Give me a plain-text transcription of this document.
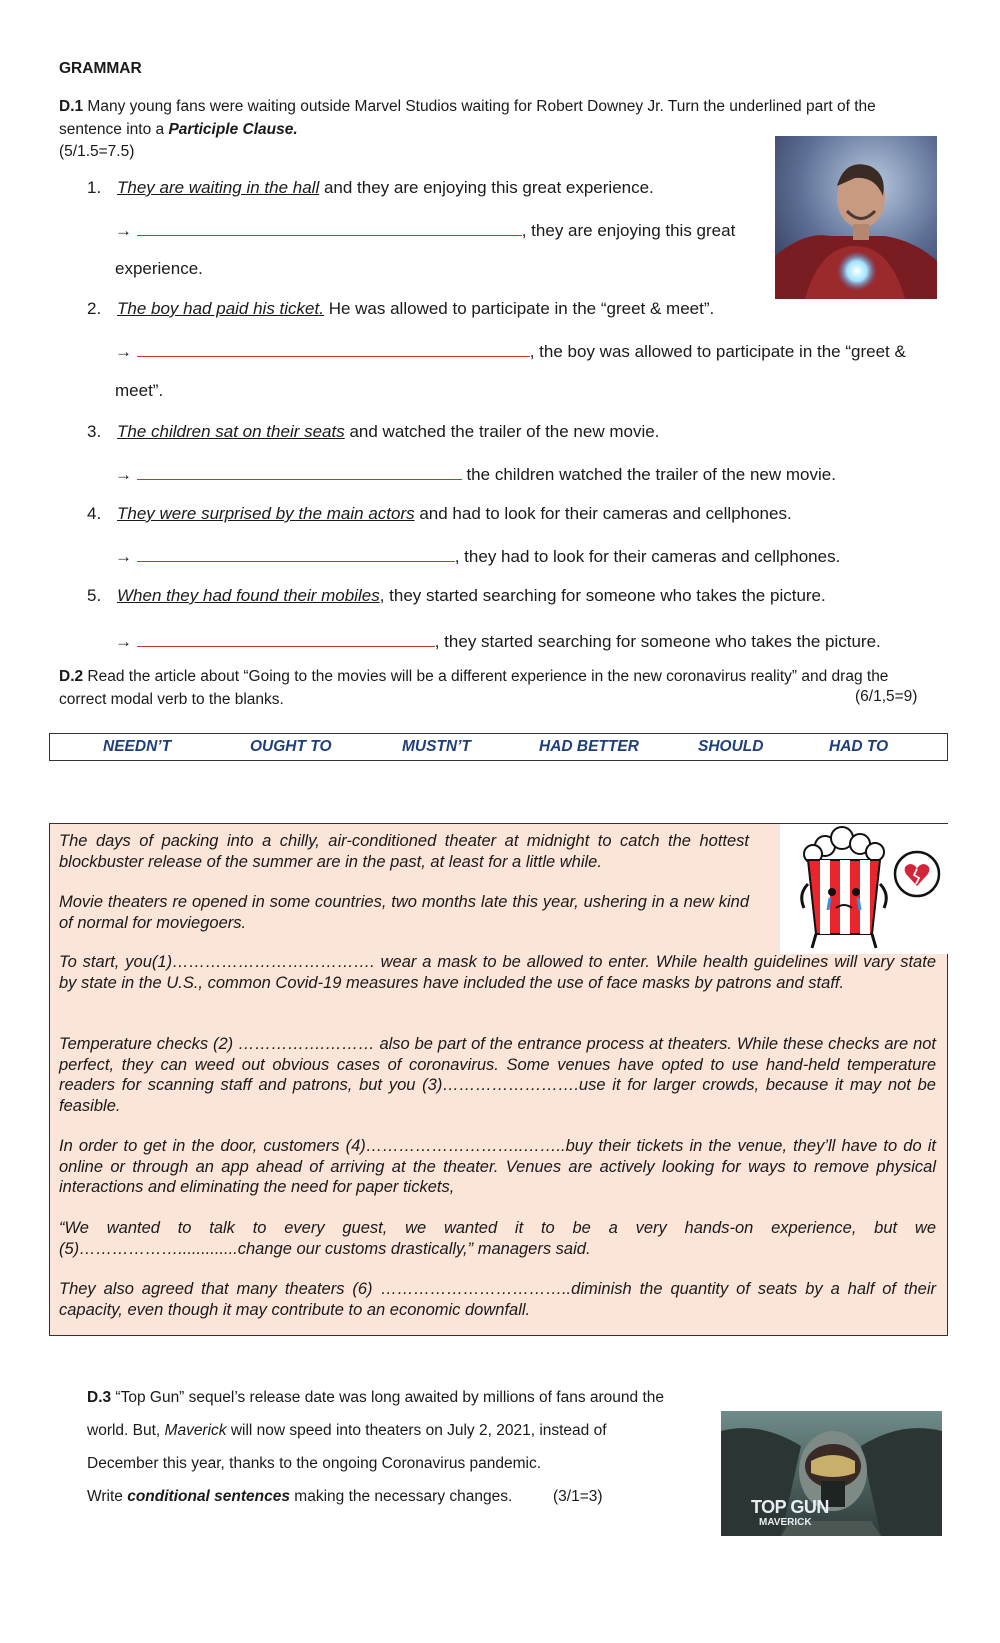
GRAMMAR
D.1 Many young fans were waiting outside Marvel Studios waiting for Robert Downey Jr. Turn the underlined part of the sentence into a Participle Clause.
(5/1.5=7.5)
1. They are waiting in the hall and they are enjoying this great experience.
→	, they are enjoying this great
experience.
2. The boy had paid his ticket. He was allowed to participate in the “greet & meet”.
→	, the boy was allowed to participate in the “greet &
meet”.
3. The children sat on their seats and watched the trailer of the new movie.
→	the children watched the trailer of the new movie.
4. They were surprised by the main actors and had to look for their cameras and cellphones.
→	, they had to look for their cameras and cellphones.
5. When they had found their mobiles, they started searching for someone who takes the picture.
→	, they started searching for someone who takes the picture.
D.2 Read the article about “Going to the movies will be a different experience in the new coronavirus reality” and drag the correct modal verb to the blanks.	(6/1,5=9)
NEEDN’T	OUGHT TO	MUSTN’T	HAD BETTER	SHOULD	HAD TO
The days of packing into a chilly, air-conditioned theater at midnight to catch the hottest blockbuster release of the summer are in the past, at least for a little while.
Movie theaters re opened in some countries, two months late this year, ushering in a new kind of normal for moviegoers.
To start, you(1)………………………………. wear a mask to be allowed to enter. While health guidelines will vary state by state in the U.S., common Covid-19 measures have included the use of face masks by patrons and staff.
Temperature checks (2) …………….……… also be part of the entrance process at theaters. While these checks are not perfect, they can weed out obvious cases of coronavirus. Some venues have opted to use hand-held temperature readers for scanning staff and patrons, but you (3)…………………….use it for larger crowds, because it may not be feasible.
In order to get in the door, customers (4)………………………..……..buy their tickets in the venue, they’ll have to do it online or through an app ahead of arriving at the theater. Venues are actively looking for ways to remove physical interactions and eliminating the need for paper tickets,
“We wanted to talk to every guest, we wanted it to be a very hands-on experience, but we (5)……………….............change our customs drastically,” managers said.
They also agreed that many theaters (6) ……………………………..diminish the quantity of seats by a half of their capacity, even though it may contribute to an economic downfall.
D.3 “Top Gun” sequel’s release date was long awaited by millions of fans around the
world. But, Maverick will now speed into theaters on July 2, 2021, instead of
December this year, thanks to the ongoing Coronavirus pandemic.
Write conditional sentences making the necessary changes.	(3/1=3)
TOP GUN
MAVERICK
